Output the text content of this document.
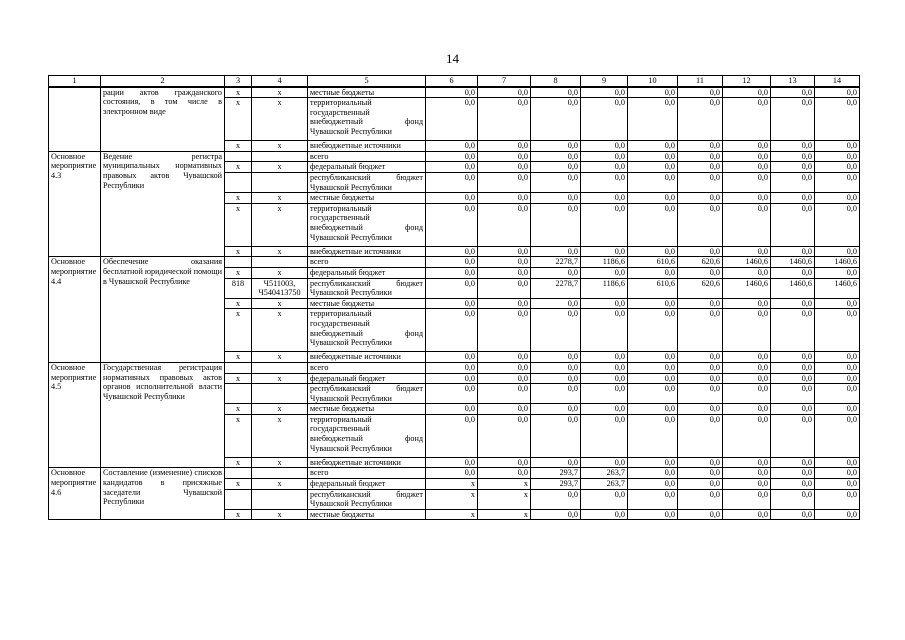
14
1	2	3	4	5	6	7	8	9	10	11	12	13	14
	рации актов гражданского состояния, в том числе в электронном виде	x	x	местные бюджеты	0,0	0,0	0,0	0,0	0,0	0,0	0,0	0,0	0,0
		x	x	территориальный государственный внебюджетный фонд Чувашской Республики	0,0	0,0	0,0	0,0	0,0	0,0	0,0	0,0	0,0
		x	x	внебюджетные источники	0,0	0,0	0,0	0,0	0,0	0,0	0,0	0,0	0,0
Основное мероприятие 4.3	Ведение регистра муниципальных нормативных правовых актов Чувашской Республики			всего	0,0	0,0	0,0	0,0	0,0	0,0	0,0	0,0	0,0
		x	x	федеральный бюджет	0,0	0,0	0,0	0,0	0,0	0,0	0,0	0,0	0,0
				республиканский бюджет Чувашской Республики	0,0	0,0	0,0	0,0	0,0	0,0	0,0	0,0	0,0
		x	x	местные бюджеты	0,0	0,0	0,0	0,0	0,0	0,0	0,0	0,0	0,0
		x	x	территориальный государственный внебюджетный фонд Чувашской Республики	0,0	0,0	0,0	0,0	0,0	0,0	0,0	0,0	0,0
		x	x	внебюджетные источники	0,0	0,0	0,0	0,0	0,0	0,0	0,0	0,0	0,0
Основное мероприятие 4.4	Обеспечение оказания бесплатной юридической помощи в Чувашской Республике			всего	0,0	0,0	2278,7	1186,6	610,6	620,6	1460,6	1460,6	1460,6
		x	x	федеральный бюджет	0,0	0,0	0,0	0,0	0,0	0,0	0,0	0,0	0,0
		818	Ч511003, Ч540413750	республиканский бюджет Чувашской Республики	0,0	0,0	2278,7	1186,6	610,6	620,6	1460,6	1460,6	1460,6
		x	x	местные бюджеты	0,0	0,0	0,0	0,0	0,0	0,0	0,0	0,0	0,0
		x	x	территориальный государственный внебюджетный фонд Чувашской Республики	0,0	0,0	0,0	0,0	0,0	0,0	0,0	0,0	0,0
		x	x	внебюджетные источники	0,0	0,0	0,0	0,0	0,0	0,0	0,0	0,0	0,0
Основное мероприятие 4.5	Государственная регистрация нормативных правовых актов органов исполнительной власти Чувашской Республики			всего	0,0	0,0	0,0	0,0	0,0	0,0	0,0	0,0	0,0
		x	x	федеральный бюджет	0,0	0,0	0,0	0,0	0,0	0,0	0,0	0,0	0,0
				республиканский бюджет Чувашской Республики	0,0	0,0	0,0	0,0	0,0	0,0	0,0	0,0	0,0
		x	x	местные бюджеты	0,0	0,0	0,0	0,0	0,0	0,0	0,0	0,0	0,0
		x	x	территориальный государственный внебюджетный фонд Чувашской Республики	0,0	0,0	0,0	0,0	0,0	0,0	0,0	0,0	0,0
		x	x	внебюджетные источники	0,0	0,0	0,0	0,0	0,0	0,0	0,0	0,0	0,0
Основное мероприятие 4.6	Составление (изменение) списков кандидатов в присяжные заседатели Чувашской Республики			всего	0,0	0,0	293,7	263,7	0,0	0,0	0,0	0,0	0,0
		x	x	федеральный бюджет	х	х	293,7	263,7	0,0	0,0	0,0	0,0	0,0
				республиканский бюджет Чувашской Республики	х	х	0,0	0,0	0,0	0,0	0,0	0,0	0,0
		x	x	местные бюджеты	х	х	0,0	0,0	0,0	0,0	0,0	0,0	0,0
